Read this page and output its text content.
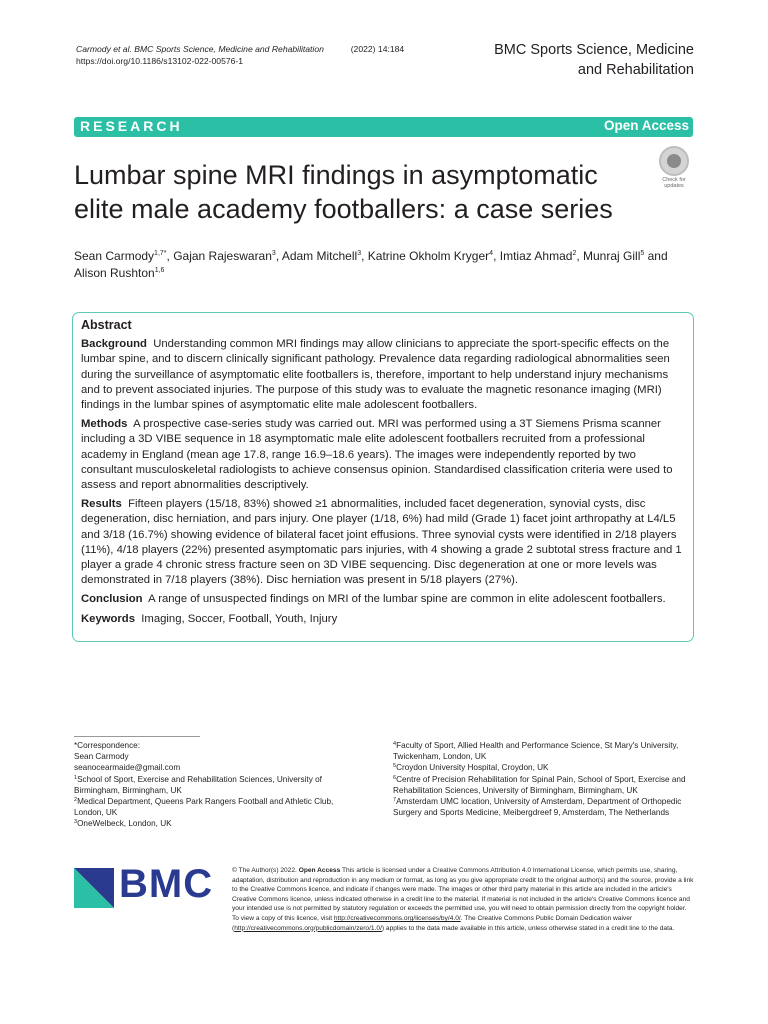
Carmody et al. BMC Sports Science, Medicine and Rehabilitation	(2022) 14:184
https://doi.org/10.1186/s13102-022-00576-1
BMC Sports Science, Medicine
and Rehabilitation
RESEARCH	Open Access
Lumbar spine MRI findings in asymptomatic
elite male academy footballers: a case series
Check for
updates
Sean Carmody$^{1,7*}$, Gajan Rajeswaran$^3$, Adam Mitchell$^3$, Katrine Okholm Kryger$^4$, Imtiaz Ahmad$^2$, Munraj Gill$^5$ and Alison Rushton$^{1,6}$
Abstract

Background Understanding common MRI findings may allow clinicians to appreciate the sport-specific effects on the lumbar spine, and to discern clinically significant pathology. Prevalence data regarding radiological abnormalities seen during the surveillance of asymptomatic elite footballers is, therefore, important to help understand injury mechanisms and to prevent associated injuries. The purpose of this study was to evaluate the magnetic resonance imaging (MRI) findings in the lumbar spines of asymptomatic elite male adolescent footballers.

Methods A prospective case-series study was carried out. MRI was performed using a 3T Siemens Prisma scanner including a 3D VIBE sequence in 18 asymptomatic male elite adolescent footballers recruited from a professional academy in England (mean age 17.8, range 16.9–18.6 years). The images were independently reported by two consultant musculoskeletal radiologists to achieve consensus opinion. Standardised classification criteria were used to assess and report abnormalities descriptively.

Results Fifteen players (15/18, 83%) showed ≥1 abnormalities, included facet degeneration, synovial cysts, disc degeneration, disc herniation, and pars injury. One player (1/18, 6%) had mild (Grade 1) facet joint arthropathy at L4/L5 and 3/18 (16.7%) showing evidence of bilateral facet joint effusions. Three synovial cysts were identified in 2/18 players (11%), 4/18 players (22%) presented asymptomatic pars injuries, with 4 showing a grade 2 subtotal stress fracture and 1 player a grade 4 chronic stress fracture seen on 3D VIBE sequencing. Disc degeneration at one or more levels was demonstrated in 7/18 players (38%). Disc herniation was present in 5/18 players (27%).

Conclusion A range of unsuspected findings on MRI of the lumbar spine are common in elite adolescent footballers.

Keywords Imaging, Soccer, Football, Youth, Injury

*Correspondence:
Sean Carmody
seanocearmaide@gmail.com
$^1$School of Sport, Exercise and Rehabilitation Sciences, University of Birmingham, Birmingham, UK
$^2$Medical Department, Queens Park Rangers Football and Athletic Club, London, UK
$^3$OneWelbeck, London, UK
$^4$Faculty of Sport, Allied Health and Performance Science, St Mary's University, Twickenham, London, UK
$^5$Croydon University Hospital, Croydon, UK
$^6$Centre of Precision Rehabilitation for Spinal Pain, School of Sport, Exercise and Rehabilitation Sciences, University of Birmingham, Birmingham, UK
$^7$Amsterdam UMC location, University of Amsterdam, Department of Orthopedic Surgery and Sports Medicine, Meibergdreef 9, Amsterdam, The Netherlands
BMC	© The Author(s) 2022. Open Access This article is licensed under a Creative Commons Attribution 4.0 International License, which permits use, sharing, adaptation, distribution and reproduction in any medium or format, as long as you give appropriate credit to the original author(s) and the source, provide a link to the Creative Commons licence, and indicate if changes were made. The images or other third party material in this article are included in the article's Creative Commons licence, unless indicated otherwise in a credit line to the material. If material is not included in the article's Creative Commons licence and your intended use is not permitted by statutory regulation or exceeds the permitted use, you will need to obtain permission directly from the copyright holder. To view a copy of this licence, visit http://creativecommons.org/licenses/by/4.0/. The Creative Commons Public Domain Dedication waiver (http://creativecommons.org/publicdomain/zero/1.0/) applies to the data made available in this article, unless otherwise stated in a credit line to the data.
